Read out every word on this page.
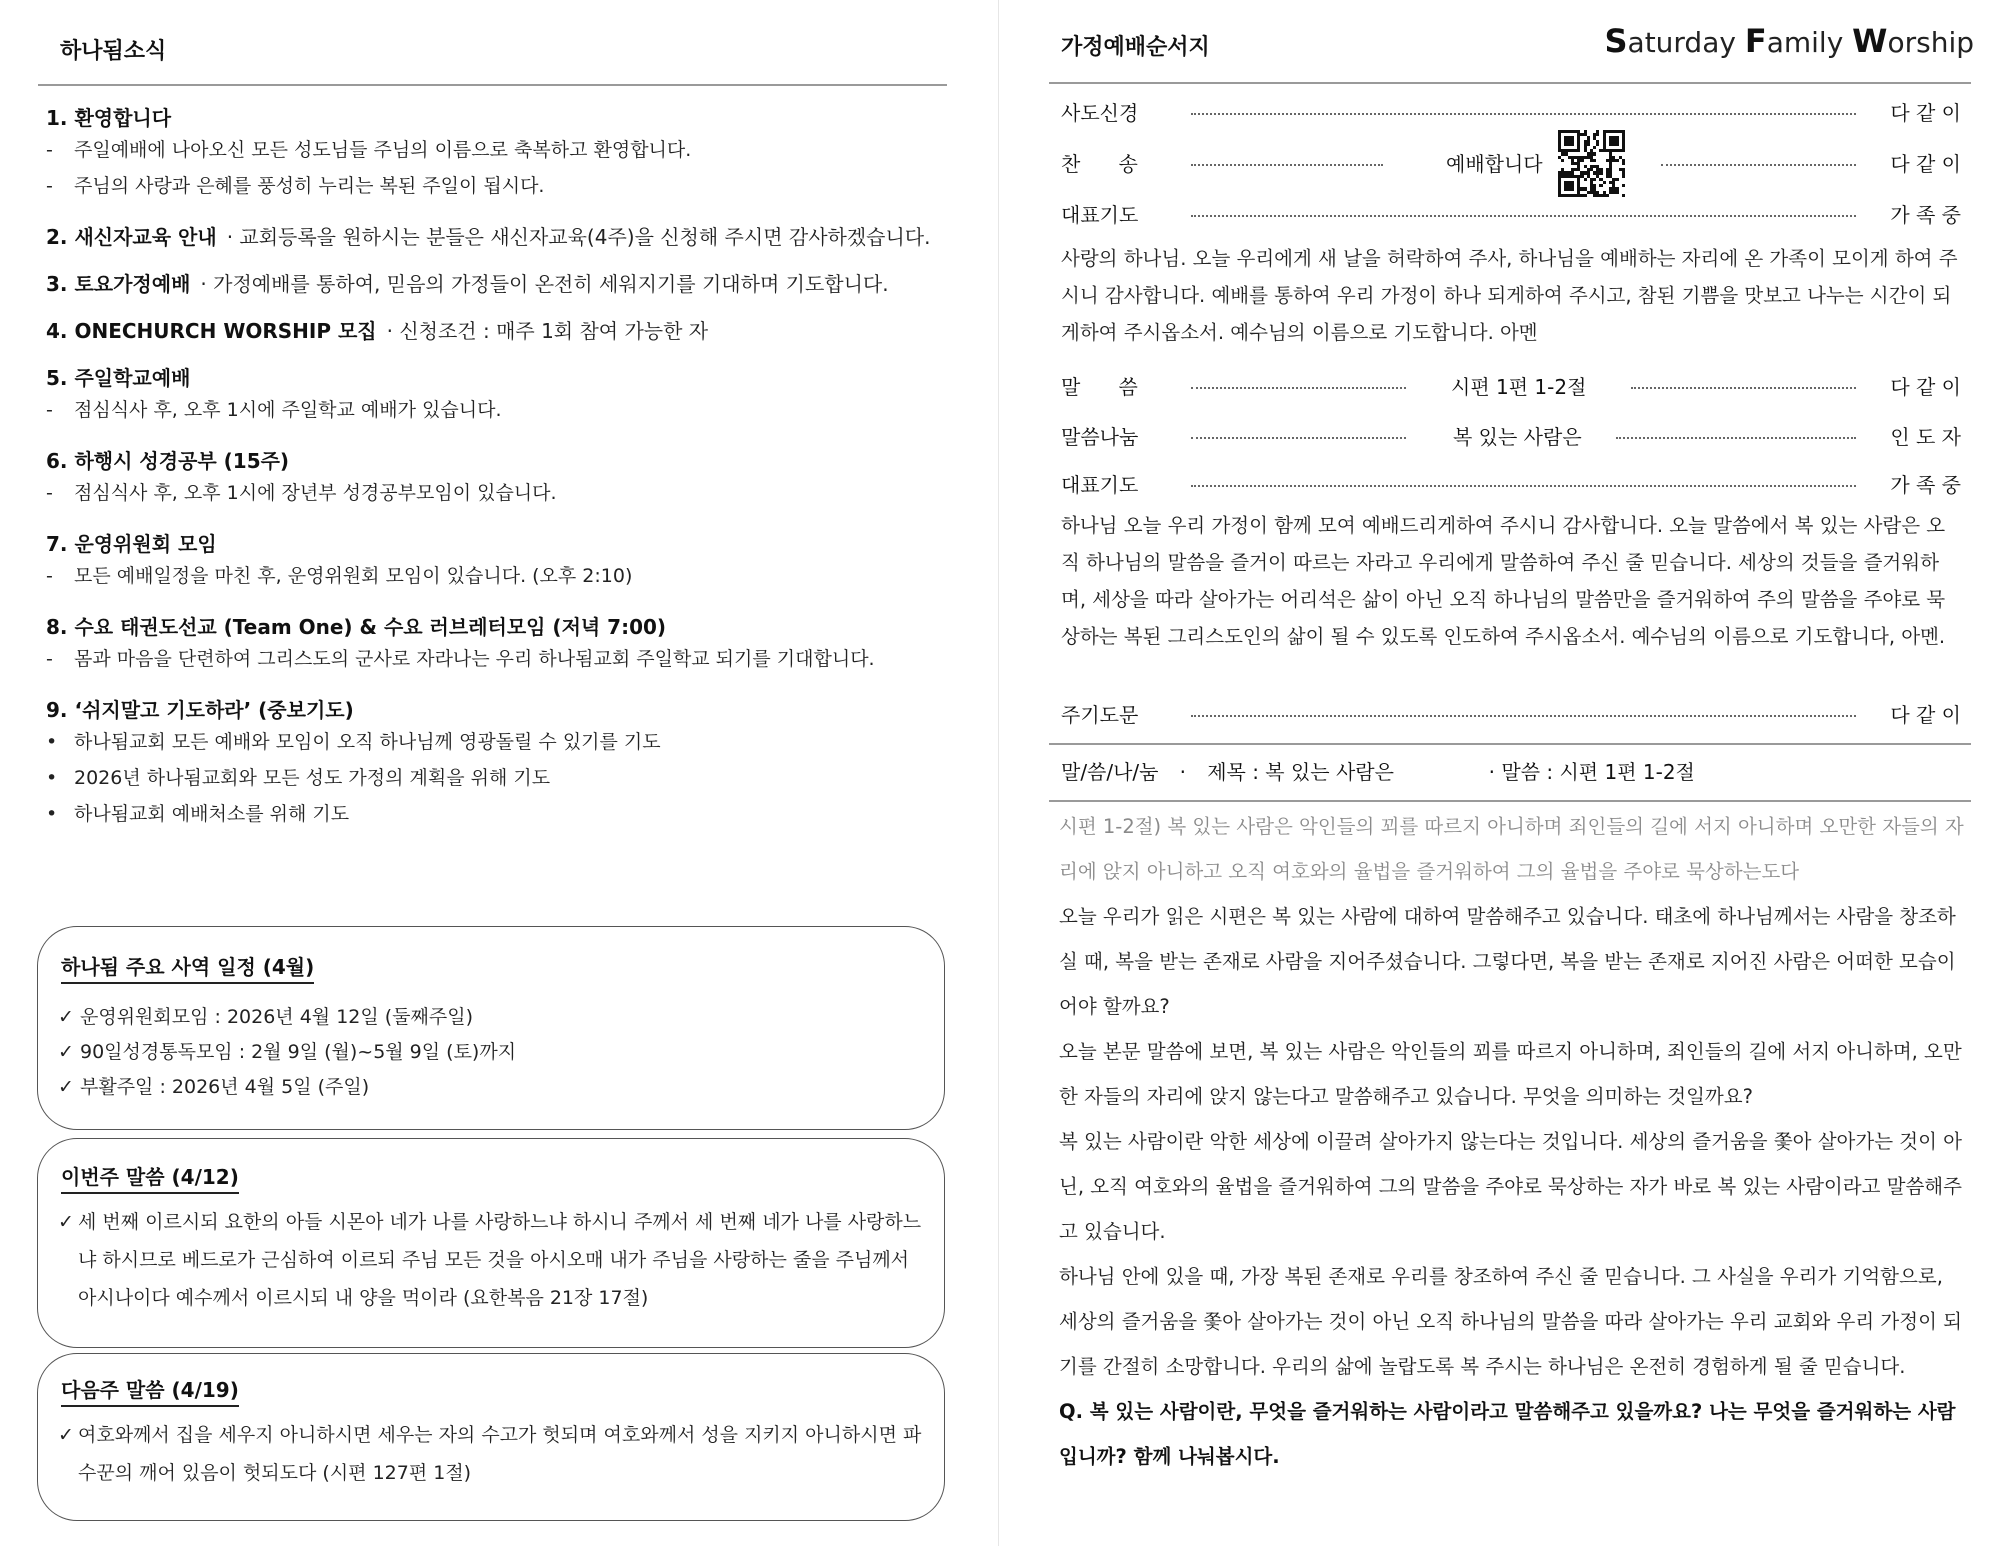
하나됨소식
1. 환영합니다
- 주일예배에 나아오신 모든 성도님들 주님의 이름으로 축복하고 환영합니다.
- 주님의 사랑과 은혜를 풍성히 누리는 복된 주일이 됩시다.
2. 새신자교육 안내 · 교회등록을 원하시는 분들은 새신자교육(4주)을 신청해 주시면 감사하겠습니다.
3. 토요가정예배 · 가정예배를 통하여, 믿음의 가정들이 온전히 세워지기를 기대하며 기도합니다.
4. ONECHURCH WORSHIP 모집 · 신청조건 : 매주 1회 참여 가능한 자
5. 주일학교예배
- 점심식사 후, 오후 1시에 주일학교 예배가 있습니다.
6. 하행시 성경공부 (15주)
- 점심식사 후, 오후 1시에 장년부 성경공부모임이 있습니다.
7. 운영위원회 모임
- 모든 예배일정을 마친 후, 운영위원회 모임이 있습니다. (오후 2:10)
8. 수요 태권도선교 (Team One) & 수요 러브레터모임 (저녁 7:00)
- 몸과 마음을 단련하여 그리스도의 군사로 자라나는 우리 하나됨교회 주일학교 되기를 기대합니다.
9. ‘쉬지말고 기도하라’ (중보기도)
• 하나됨교회 모든 예배와 모임이 오직 하나님께 영광돌릴 수 있기를 기도
• 2026년 하나됨교회와 모든 성도 가정의 계획을 위해 기도
• 하나됨교회 예배처소를 위해 기도
하나됨 주요 사역 일정 (4월)
✓ 운영위원회모임 : 2026년 4월 12일 (둘째주일)
✓ 90일성경통독모임 : 2월 9일 (월)~5월 9일 (토)까지
✓ 부활주일 : 2026년 4월 5일 (주일)
이번주 말씀 (4/12)
✓ 세 번째 이르시되 요한의 아들 시몬아 네가 나를 사랑하느냐 하시니 주께서 세 번째 네가 나를 사랑하느냐 하시므로 베드로가 근심하여 이르되 주님 모든 것을 아시오매 내가 주님을 사랑하는 줄을 주님께서 아시나이다 예수께서 이르시되 내 양을 먹이라 (요한복음 21장 17절)
다음주 말씀 (4/19)
✓ 여호와께서 집을 세우지 아니하시면 세우는 자의 수고가 헛되며 여호와께서 성을 지키지 아니하시면 파수꾼의 깨어 있음이 헛되도다 (시편 127편 1절)
가정예배순서지	Saturday Family Worship
사도신경	다 같 이
찬      송	예배합니다	다 같 이
대표기도	가 족 중
사랑의 하나님. 오늘 우리에게 새 날을 허락하여 주사, 하나님을 예배하는 자리에 온 가족이 모이게 하여 주시니 감사합니다. 예배를 통하여 우리 가정이 하나 되게하여 주시고, 참된 기쁨을 맛보고 나누는 시간이 되게하여 주시옵소서. 예수님의 이름으로 기도합니다. 아멘
말      씀	시편 1편 1-2절	다 같 이
말씀나눔	복 있는 사람은	인 도 자
대표기도	가 족 중
하나님 오늘 우리 가정이 함께 모여 예배드리게하여 주시니 감사합니다. 오늘 말씀에서 복 있는 사람은 오직 하나님의 말씀을 즐거이 따르는 자라고 우리에게 말씀하여 주신 줄 믿습니다. 세상의 것들을 즐거워하며, 세상을 따라 살아가는 어리석은 삶이 아닌 오직 하나님의 말씀만을 즐거워하여 주의 말씀을 주야로 묵상하는 복된 그리스도인의 삶이 될 수 있도록 인도하여 주시옵소서. 예수님의 이름으로 기도합니다, 아멘.
주기도문	다 같 이
말/씀/나/눔 · 제목 : 복 있는 사람은	· 말씀 : 시편 1편 1-2절
시편 1-2절) 복 있는 사람은 악인들의 꾀를 따르지 아니하며 죄인들의 길에 서지 아니하며 오만한 자들의 자리에 앉지 아니하고 오직 여호와의 율법을 즐거워하여 그의 율법을 주야로 묵상하는도다
오늘 우리가 읽은 시편은 복 있는 사람에 대하여 말씀해주고 있습니다. 태초에 하나님께서는 사람을 창조하실 때, 복을 받는 존재로 사람을 지어주셨습니다. 그렇다면, 복을 받는 존재로 지어진 사람은 어떠한 모습이어야 할까요?
오늘 본문 말씀에 보면, 복 있는 사람은 악인들의 꾀를 따르지 아니하며, 죄인들의 길에 서지 아니하며, 오만한 자들의 자리에 앉지 않는다고 말씀해주고 있습니다. 무엇을 의미하는 것일까요?
복 있는 사람이란 악한 세상에 이끌려 살아가지 않는다는 것입니다. 세상의 즐거움을 쫓아 살아가는 것이 아닌, 오직 여호와의 율법을 즐거워하여 그의 말씀을 주야로 묵상하는 자가 바로 복 있는 사람이라고 말씀해주고 있습니다.
하나님 안에 있을 때, 가장 복된 존재로 우리를 창조하여 주신 줄 믿습니다. 그 사실을 우리가 기억함으로, 세상의 즐거움을 쫓아 살아가는 것이 아닌 오직 하나님의 말씀을 따라 살아가는 우리 교회와 우리 가정이 되기를 간절히 소망합니다. 우리의 삶에 놀랍도록 복 주시는 하나님은 온전히 경험하게 될 줄 믿습니다.
Q. 복 있는 사람이란, 무엇을 즐거워하는 사람이라고 말씀해주고 있을까요? 나는 무엇을 즐거워하는 사람입니까? 함께 나눠봅시다.
